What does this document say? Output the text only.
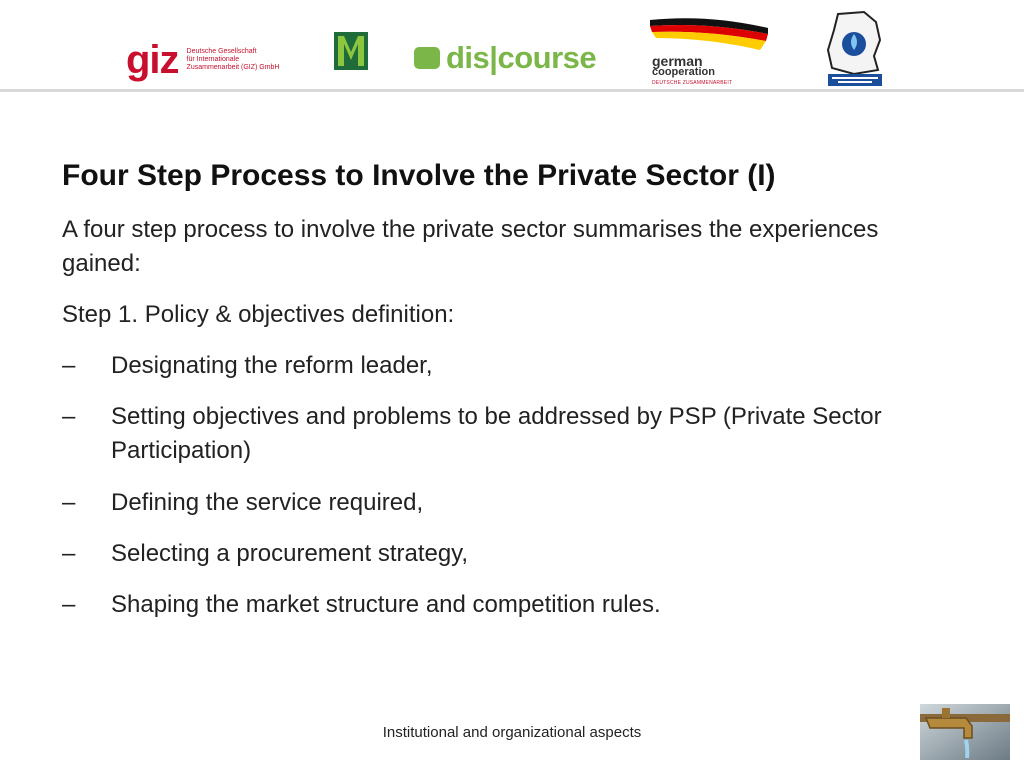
giz Deutsche Gesellschaft
für Internationale
Zusammenarbeit (GIZ) GmbH	dis|course	german
cooperation
DEUTSCHE ZUSAMMENARBEIT
Four Step Process to Involve the Private Sector (I)

A four step process to involve the private sector summarises the experiences gained:

Step 1. Policy & objectives definition:

–	Designating the reform leader,
–	Setting objectives and problems to be addressed by PSP (Private Sector Participation)
–	Defining the service required,
–	Selecting a procurement strategy,
–	Shaping the market structure and competition rules.
Institutional and organizational aspects
